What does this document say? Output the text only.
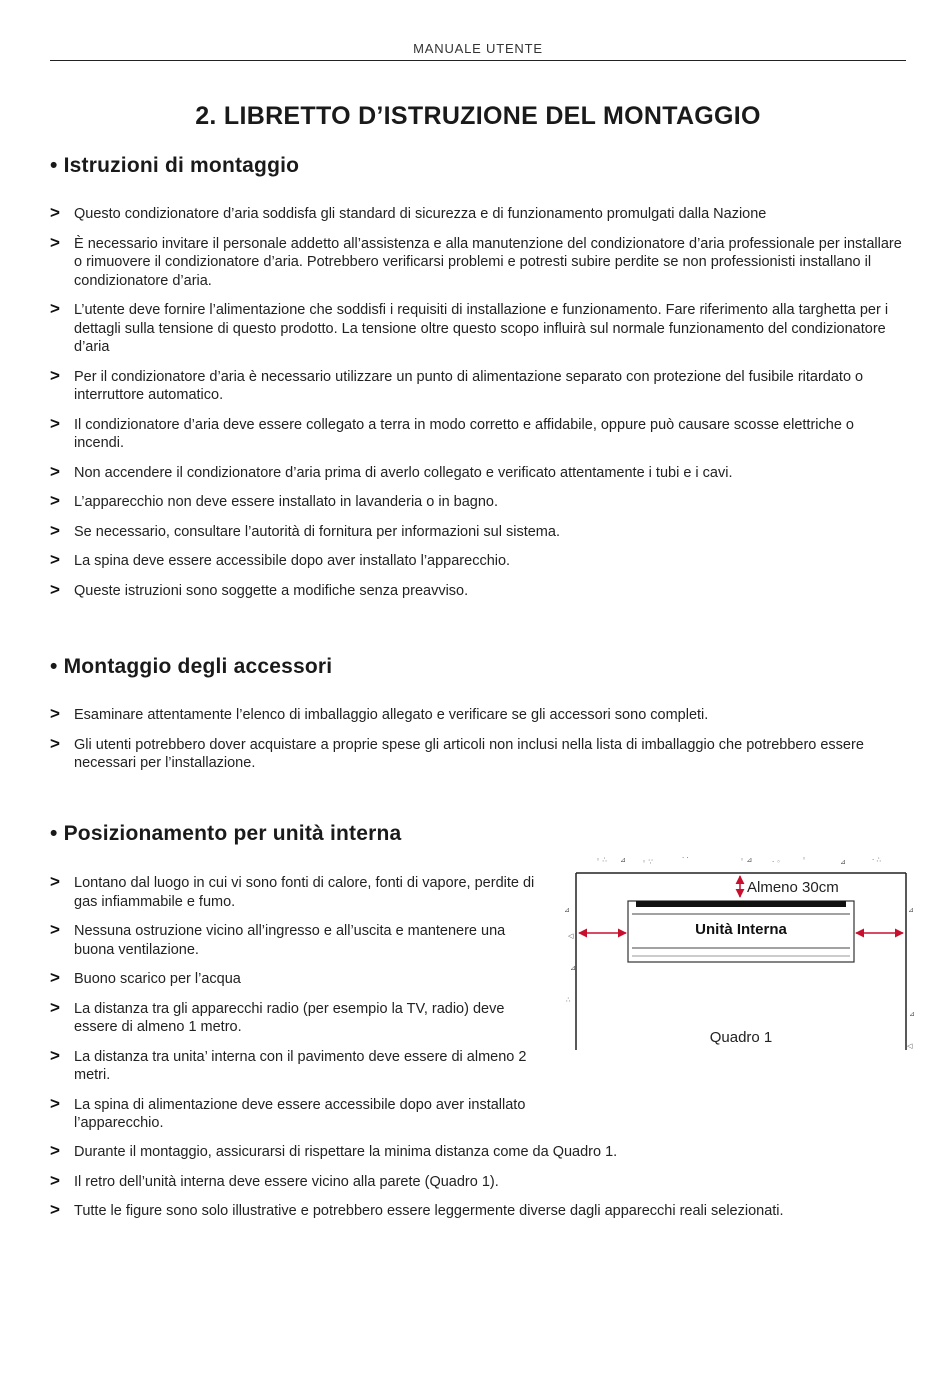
MANUALE UTENTE
2. LIBRETTO D’ISTRUZIONE DEL MONTAGGIO
• Istruzioni di montaggio
> Questo condizionatore d’aria soddisfa gli standard di sicurezza e di funzionamento promulgati dalla Nazione
> È necessario invitare il personale addetto all’assistenza e alla manutenzione del condizionatore d’aria professionale per installare o rimuovere il condizionatore d’aria. Potrebbero verificarsi problemi e potresti subire perdite se non professionisti installano il condizionatore d’aria.
> L’utente deve fornire l’alimentazione che soddisfi i requisiti di installazione e funzionamento. Fare riferimento alla targhetta per i dettagli sulla tensione di questo prodotto. La tensione oltre questo scopo influirà sul normale funzionamento del condizionatore d’aria
> Per il condizionatore d’aria è necessario utilizzare un punto di alimentazione separato con protezione del fusibile ritardato o interruttore automatico.
> Il condizionatore d’aria deve essere collegato a terra in modo corretto e affidabile, oppure può causare scosse elettriche o incendi.
> Non accendere il condizionatore d’aria prima di averlo collegato e verificato attentamente i tubi e i cavi.
> L’apparecchio non deve essere installato in lavanderia o in bagno.
> Se necessario, consultare l’autorità di fornitura per informazioni sul sistema.
> La spina deve essere accessibile dopo aver installato l’apparecchio.
> Queste istruzioni sono soggette a modifiche senza preavviso.
• Montaggio degli accessori
> Esaminare attentamente l’elenco di imballaggio allegato e verificare se gli accessori sono completi.
> Gli utenti potrebbero dover acquistare a proprie spese gli articoli non inclusi nella lista di imballaggio che potrebbero essere necessari per l’installazione.
• Posizionamento per unità interna
> Lontano dal luogo in cui vi sono fonti di calore, fonti di vapore, perdite di gas infiammabile e fumo.
> Nessuna ostruzione vicino all’ingresso e all’uscita e mantenere una buona ventilazione.
> Buono scarico per l’acqua
> La distanza tra gli apparecchi radio (per esempio la TV, radio) deve essere di almeno 1 metro.
> La distanza tra unita’ interna con il pavimento deve essere di almeno 2 metri.
> La spina di alimentazione deve essere accessibile dopo aver installato l’apparecchio.
> Durante il montaggio, assicurarsi di rispettare la minima distanza come da Quadro 1.
> Il retro dell’unità interna deve essere vicino alla parete (Quadro 1).
> Tutte le figure sono solo illustrative e potrebbero essere leggermente diverse dagli apparecchi reali selezionati.
◦ ∴ ⊿ ◦ ∵	· ·	◦ ⊿	· ◦	◦	⊿	· ∴
⊿
◁
⊿
∴
⊿
⊿
◁
Almeno 30cm
Unità Interna
Quadro 1
